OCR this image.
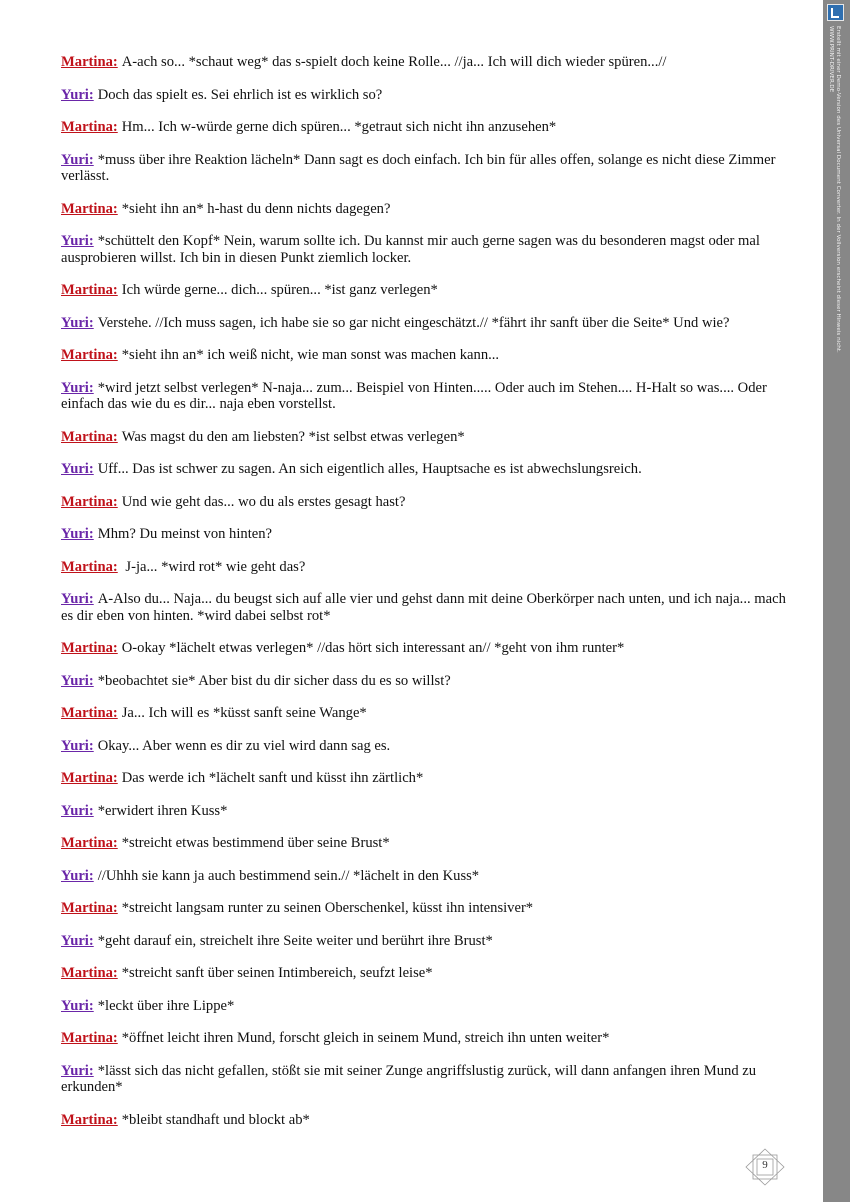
Martina: A-ach so... *schaut weg* das s-spielt doch keine Rolle... //ja... Ich will dich wieder spüren...//
Yuri: Doch das spielt es. Sei ehrlich ist es wirklich so?
Martina: Hm... Ich w-würde gerne dich spüren... *getraut sich nicht ihn anzusehen*
Yuri: *muss über ihre Reaktion lächeln* Dann sagt es doch einfach. Ich bin für alles offen, solange es nicht diese Zimmer verlässt.
Martina: *sieht ihn an* h-hast du denn nichts dagegen?
Yuri: *schüttelt den Kopf* Nein, warum sollte ich. Du kannst mir auch gerne sagen was du besonderen magst oder mal ausprobieren willst. Ich bin in diesen Punkt ziemlich locker.
Martina: Ich würde gerne... dich... spüren... *ist ganz verlegen*
Yuri: Verstehe. //Ich muss sagen, ich habe sie so gar nicht eingeschätzt.// *fährt ihr sanft über die Seite* Und wie?
Martina: *sieht ihn an* ich weiß nicht, wie man sonst was machen kann...
Yuri: *wird jetzt selbst verlegen* N-naja... zum... Beispiel von Hinten..... Oder auch im Stehen.... H-Halt so was.... Oder einfach das wie du es dir... naja eben vorstellst.
Martina: Was magst du den am liebsten? *ist selbst etwas verlegen*
Yuri: Uff... Das ist schwer zu sagen. An sich eigentlich alles, Hauptsache es ist abwechslungsreich.
Martina: Und wie geht das... wo du als erstes gesagt hast?
Yuri: Mhm? Du meinst von hinten?
Martina: J-ja... *wird rot* wie geht das?
Yuri: A-Also du... Naja... du beugst sich auf alle vier und gehst dann mit deine Oberkörper nach unten, und ich naja... mach es dir eben von hinten. *wird dabei selbst rot*
Martina: O-okay *lächelt etwas verlegen* //das hört sich interessant an// *geht von ihm runter*
Yuri: *beobachtet sie* Aber bist du dir sicher dass du es so willst?
Martina: Ja... Ich will es *küsst sanft seine Wange*
Yuri: Okay... Aber wenn es dir zu viel wird dann sag es.
Martina: Das werde ich *lächelt sanft und küsst ihn zärtlich*
Yuri: *erwidert ihren Kuss*
Martina: *streicht etwas bestimmend über seine Brust*
Yuri: //Uhhh sie kann ja auch bestimmend sein.// *lächelt in den Kuss*
Martina: *streicht langsam runter zu seinen Oberschenkel, küsst ihn intensiver*
Yuri: *geht darauf ein, streichelt ihre Seite weiter und berührt ihre Brust*
Martina: *streicht sanft über seinen Intimbereich, seufzt leise*
Yuri: *leckt über ihre Lippe*
Martina: *öffnet leicht ihren Mund, forscht gleich in seinem Mund, streich ihn unten weiter*
Yuri: *lässt sich das nicht gefallen, stößt sie mit seiner Zunge angriffslustig zurück, will dann anfangen ihren Mund zu erkunden*
Martina: *bleibt standhaft und blockt ab*
Erstellt mit einer Demo-Version des Universal Document Converter. In der Vollversion erscheint dieser Hinweis nicht.
WWW.PRINT-DRIVER.DE
9
